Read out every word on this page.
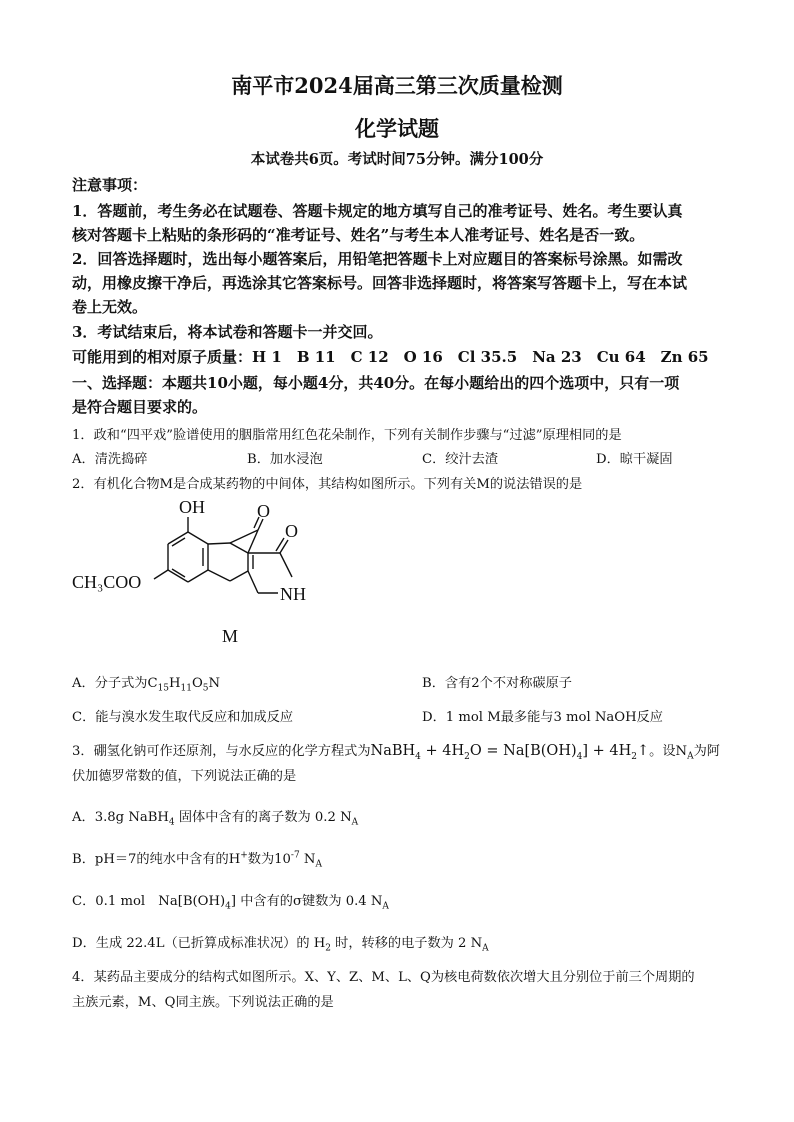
南平市2024届高三第三次质量检测
化学试题
本试卷共6页。考试时间75分钟。满分100分
注意事项：
1．答题前，考生务必在试题卷、答题卡规定的地方填写自己的准考证号、姓名。考生要认真
核对答题卡上粘贴的条形码的“准考证号、姓名”与考生本人准考证号、姓名是否一致。
2．回答选择题时，选出每小题答案后，用铅笔把答题卡上对应题目的答案标号涂黑。如需改
动，用橡皮擦干净后，再选涂其它答案标号。回答非选择题时，将答案写答题卡上，写在本试
卷上无效。
3．考试结束后，将本试卷和答题卡一并交回。
可能用到的相对原子质量：H 1　B 11　C 12　O 16　Cl 35.5　Na 23　Cu 64　Zn 65
一、选择题：本题共10小题，每小题4分，共40分。在每小题给出的四个选项中，只有一项
是符合题目要求的。
1．政和“四平戏”脸谱使用的胭脂常用红色花朵制作，下列有关制作步骤与“过滤”原理相同的是
A．清洗捣碎	B．加水浸泡	C．绞汁去渣	D．晾干凝固
2．有机化合物M是合成某药物的中间体，其结构如图所示。下列有关M的说法错误的是
OH	O
O
CH₃COO
NH
M
A．分子式为$C_{15}H_{11}O_5N$	B．含有2个不对称碳原子
C．能与溴水发生取代反应和加成反应	D．1 mol M最多能与3 mol NaOH反应
3．硼氢化钠可作还原剂，与水反应的化学方程式为NaBH$_4$ + $4H_2O = Na[B(OH)_4]$ + $4H_2↑$。设$N_A$为阿
伏加德罗常数的值，下列说法正确的是
A．3.8g NaBH$_4$ 固体中含有的离子数为 0.2 $N_A$
B．pH＝7的纯水中含有的H+数为$10^{-7}$ $N_A$
C．0.1 mol　$Na[B(OH)_4]$ 中含有的σ键数为 0.4 $N_A$
D．生成 22.4L（已折算成标准状况）的 $H_2$ 时，转移的电子数为 2 $N_A$
4．某药品主要成分的结构式如图所示。X、Y、Z、M、L、Q为核电荷数依次增大且分别位于前三个周期的
主族元素，M、Q同主族。下列说法正确的是
